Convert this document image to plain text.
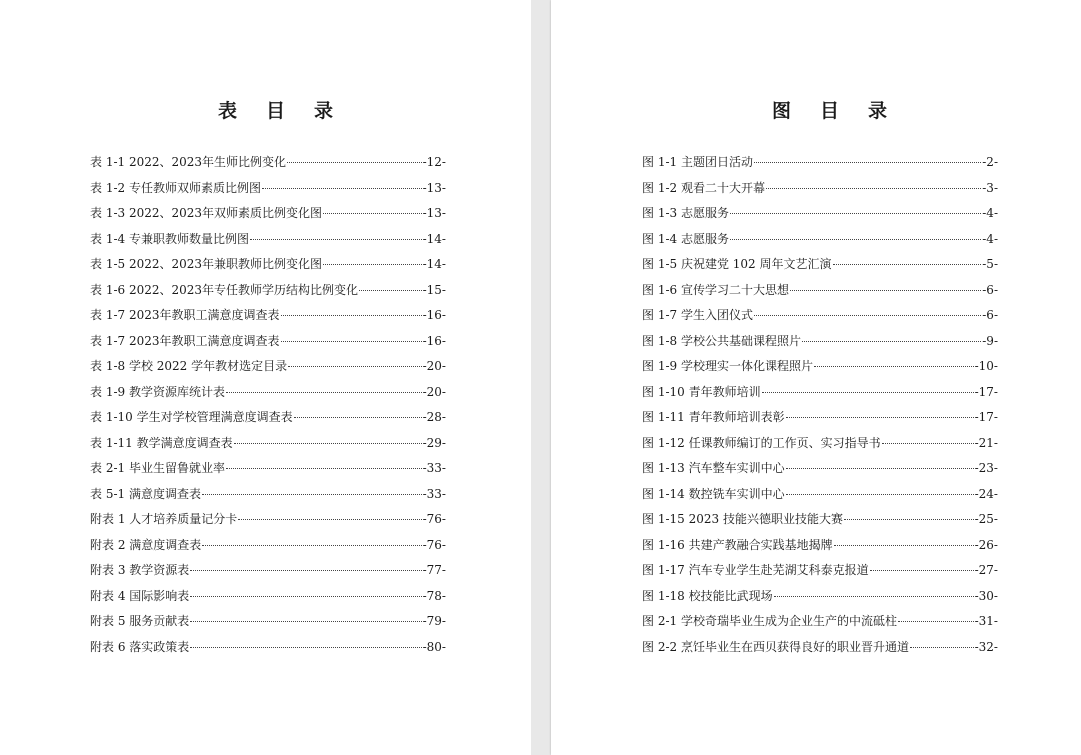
表 目 录
表 1-1 2022、2023年生师比例变化	-12-
表 1-2 专任教师双师素质比例图	-13-
表 1-3 2022、2023年双师素质比例变化图	-13-
表 1-4 专兼职教师数量比例图	-14-
表 1-5 2022、2023年兼职教师比例变化图	-14-
表 1-6 2022、2023年专任教师学历结构比例变化	-15-
表 1-7 2023年教职工满意度调查表	-16-
表 1-7 2023年教职工满意度调查表	-16-
表 1-8 学校 2022 学年教材选定目录	-20-
表 1-9 教学资源库统计表	-20-
表 1-10 学生对学校管理满意度调查表	-28-
表 1-11 教学满意度调查表	-29-
表 2-1 毕业生留鲁就业率	-33-
表 5-1 满意度调查表	-33-
附表 1 人才培养质量记分卡	-76-
附表 2 满意度调查表	-76-
附表 3 教学资源表	-77-
附表 4 国际影响表	-78-
附表 5 服务贡献表	-79-
附表 6 落实政策表	-80-
图 目 录
图 1-1 主题团日活动	-2-
图 1-2 观看二十大开幕	-3-
图 1-3 志愿服务	-4-
图 1-4 志愿服务	-4-
图 1-5 庆祝建党 102 周年文艺汇演	-5-
图 1-6 宣传学习二十大思想	-6-
图 1-7 学生入团仪式	-6-
图 1-8 学校公共基础课程照片	-9-
图 1-9 学校理实一体化课程照片	-10-
图 1-10 青年教师培训	-17-
图 1-11 青年教师培训表彰	-17-
图 1-12 任课教师编订的工作页、实习指导书	-21-
图 1-13 汽车整车实训中心	-23-
图 1-14 数控铣车实训中心	-24-
图 1-15 2023 技能兴德职业技能大赛	-25-
图 1-16 共建产教融合实践基地揭牌	-26-
图 1-17 汽车专业学生赴芜湖艾科泰克报道	-27-
图 1-18 校技能比武现场	-30-
图 2-1 学校奇瑞毕业生成为企业生产的中流砥柱	-31-
图 2-2 烹饪毕业生在西贝获得良好的职业晋升通道	-32-
